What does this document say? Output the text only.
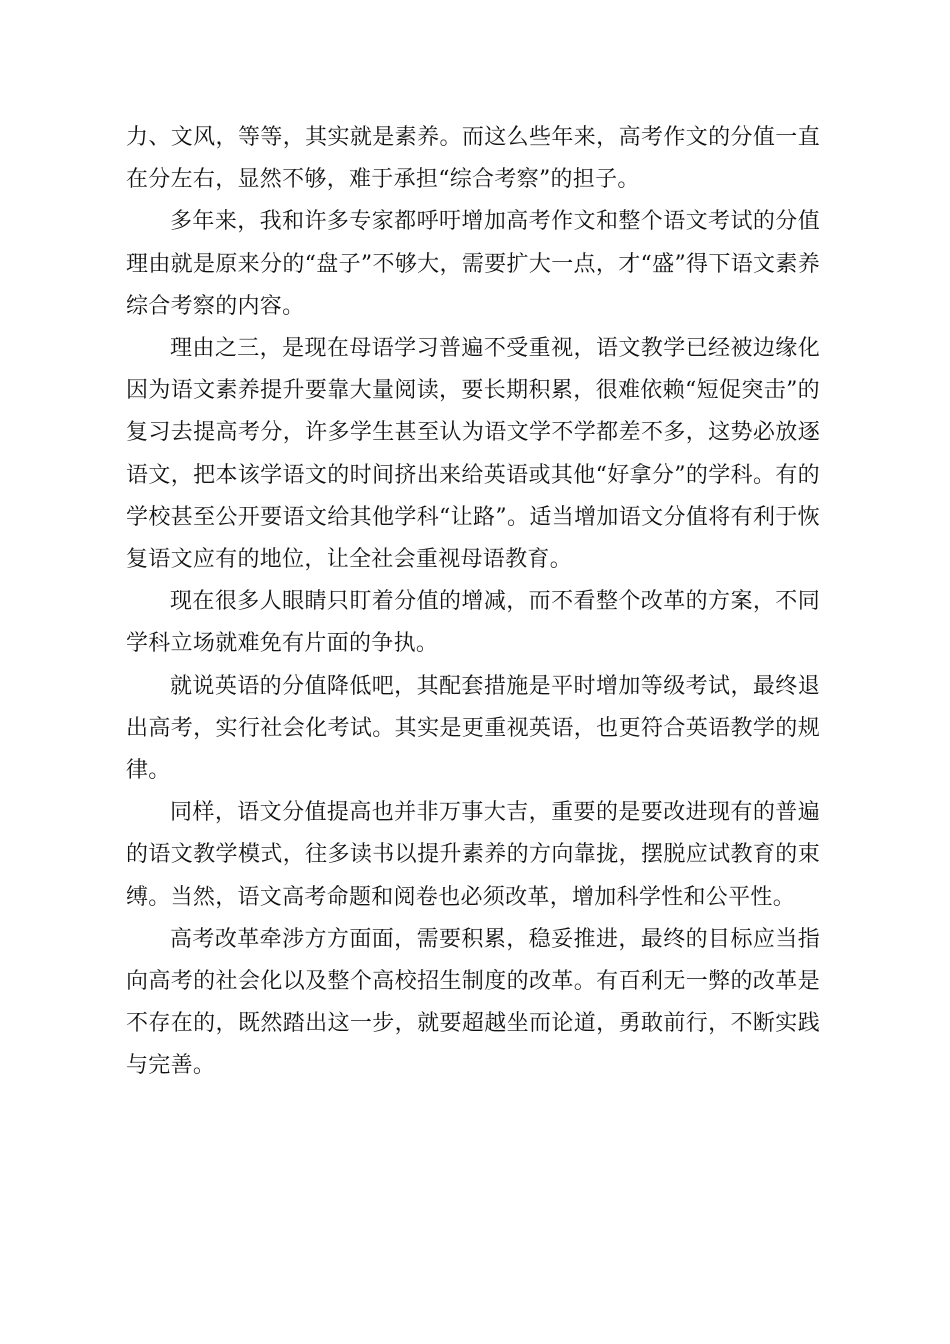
力、文风，等等，其实就是素养。而这么些年来，高考作文的分值一直在分左右，显然不够，难于承担“综合考察”的担子。

多年来，我和许多专家都呼吁增加高考作文和整个语文考试的分值理由就是原来分的“盘子”不够大，需要扩大一点，才“盛”得下语文素养综合考察的内容。

理由之三，是现在母语学习普遍不受重视，语文教学已经被边缘化因为语文素养提升要靠大量阅读，要长期积累，很难依赖“短促突击”的复习去提高考分，许多学生甚至认为语文学不学都差不多，这势必放逐语文，把本该学语文的时间挤出来给英语或其他“好拿分”的学科。有的学校甚至公开要语文给其他学科“让路”。适当增加语文分值将有利于恢复语文应有的地位，让全社会重视母语教育。

现在很多人眼睛只盯着分值的增减，而不看整个改革的方案，不同学科立场就难免有片面的争执。

就说英语的分值降低吧，其配套措施是平时增加等级考试，最终退出高考，实行社会化考试。其实是更重视英语，也更符合英语教学的规律。

同样，语文分值提高也并非万事大吉，重要的是要改进现有的普遍的语文教学模式，往多读书以提升素养的方向靠拢，摆脱应试教育的束缚。当然，语文高考命题和阅卷也必须改革，增加科学性和公平性。

高考改革牵涉方方面面，需要积累，稳妥推进，最终的目标应当指向高考的社会化以及整个高校招生制度的改革。有百利无一弊的改革是不存在的，既然踏出这一步，就要超越坐而论道，勇敢前行，不断实践与完善。
